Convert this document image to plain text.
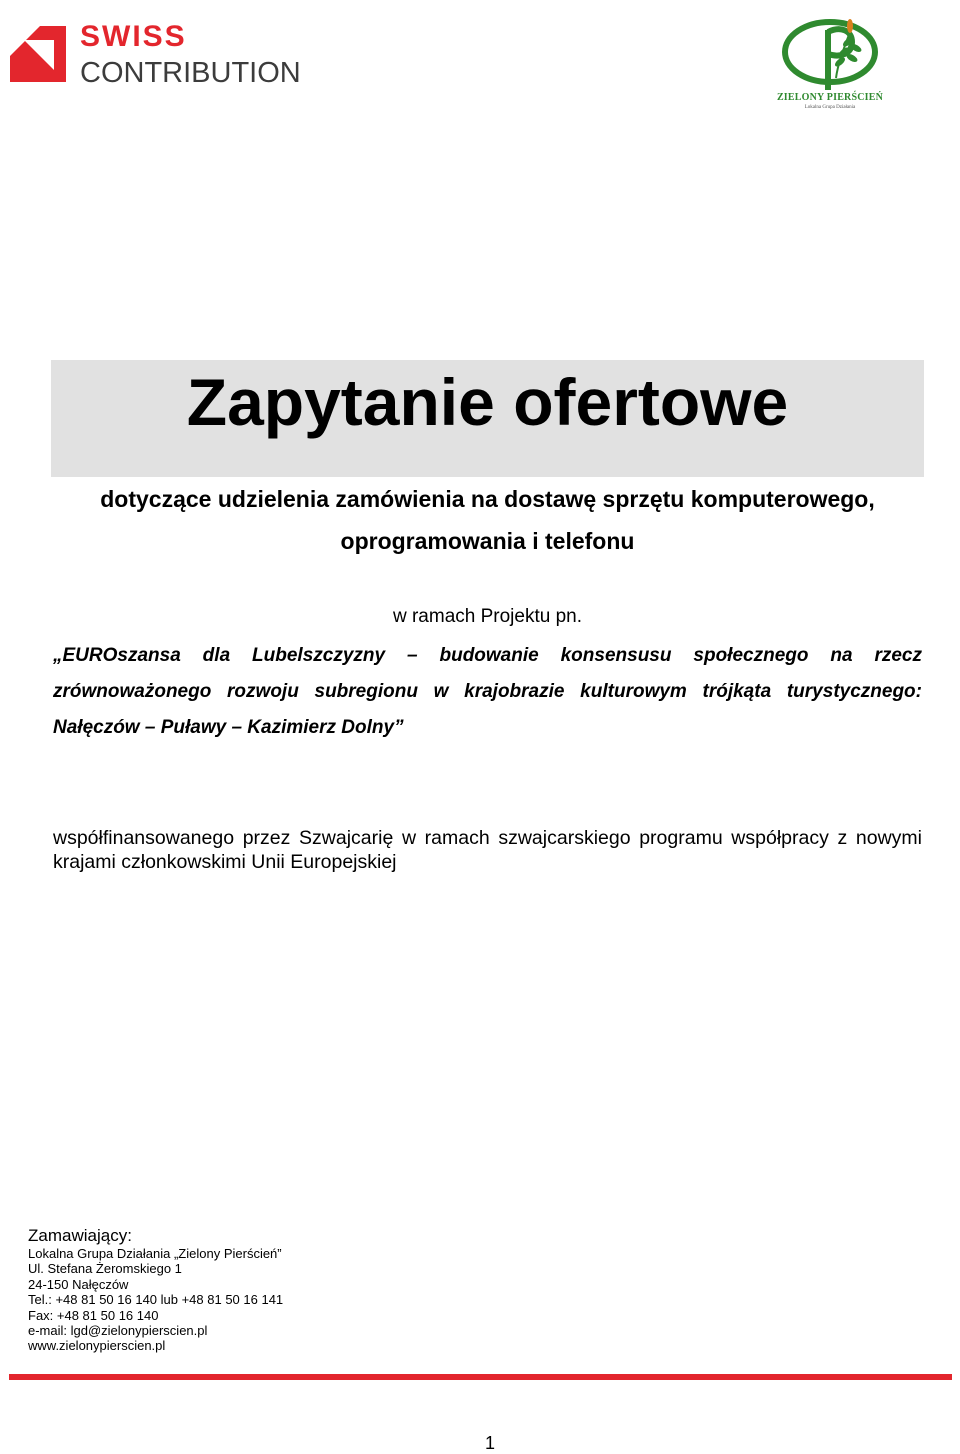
SWISS
CONTRIBUTION
ZIELONY PIERŚCIEŃ
Lokalna Grupa Działania
Zapytanie ofertowe
dotyczące udzielenia zamówienia na dostawę sprzętu komputerowego,
oprogramowania i telefonu
w ramach Projektu pn.
„EUROszansa dla Lubelszczyzny – budowanie konsensusu społecznego na rzecz zrównoważonego rozwoju subregionu w krajobrazie kulturowym trójkąta turystycznego: Nałęczów – Puławy – Kazimierz Dolny”
współfinansowanego przez Szwajcarię w ramach szwajcarskiego programu współpracy z nowymi krajami członkowskimi Unii Europejskiej
Zamawiający:
Lokalna Grupa Działania „Zielony Pierścień”
Ul. Stefana Żeromskiego 1
24-150 Nałęczów
Tel.: +48 81 50 16 140 lub +48 81 50 16 141
Fax: +48 81 50 16 140
e-mail: lgd@zielonypierscien.pl
www.zielonypierscien.pl
1
